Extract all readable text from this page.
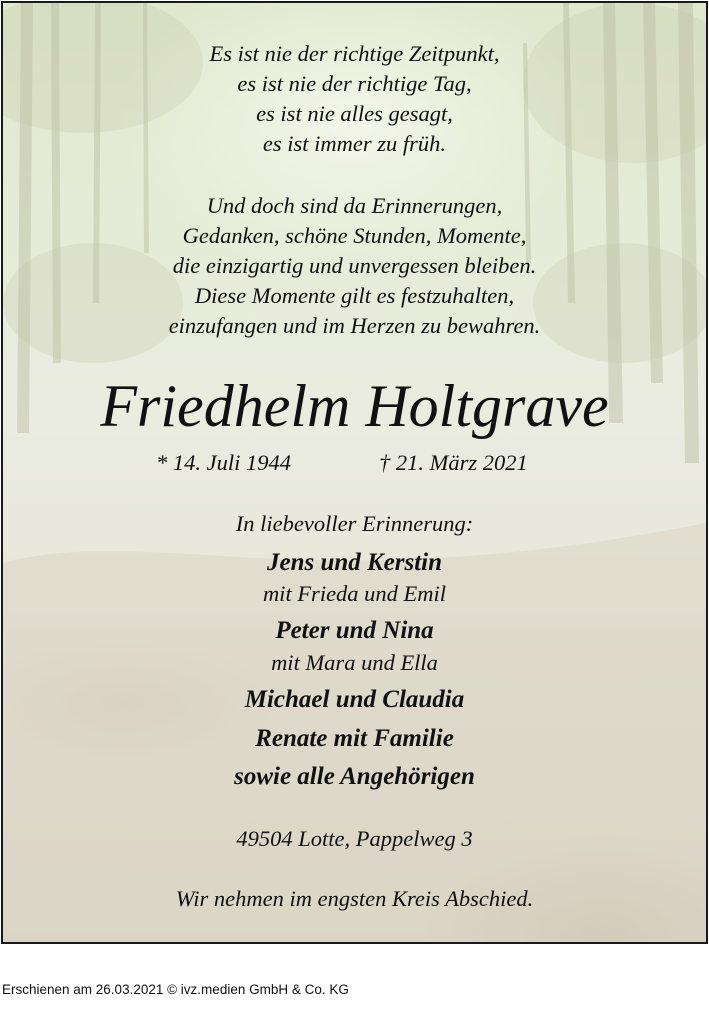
Es ist nie der richtige Zeitpunkt,
es ist nie der richtige Tag,
es ist nie alles gesagt,
es ist immer zu früh.
Und doch sind da Erinnerungen,
Gedanken, schöne Stunden, Momente,
die einzigartig und unvergessen bleiben.
Diese Momente gilt es festzuhalten,
einzufangen und im Herzen zu bewahren.
Friedhelm Holtgrave
* 14. Juli 1944	† 21. März 2021
In liebevoller Erinnerung:
Jens und Kerstin
mit Frieda und Emil
Peter und Nina
mit Mara und Ella
Michael und Claudia
Renate mit Familie
sowie alle Angehörigen
49504 Lotte, Pappelweg 3
Wir nehmen im engsten Kreis Abschied.
Erschienen am 26.03.2021 © ivz.medien GmbH & Co. KG
